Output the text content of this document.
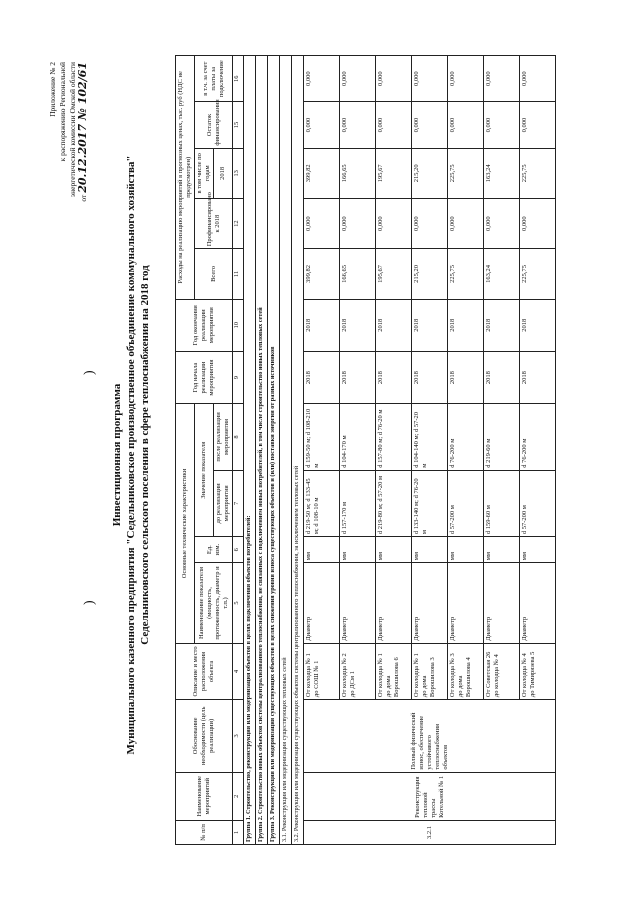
Приложение № 2 к распоряжению Региональной энергетической комиссии Омской области
от 20.12.2017 № 102/61
)
)
Инвестиционная программа Муниципального казенного предприятия "Седельниковское производственное объединение коммунального хозяйства" Седельниковского сельского поселения в сфере теплоснабжения на 2018 год
№ п/п	Наименование мероприятий	Обоснование необходимости (цель реализации)	Описание и место расположения объекта	Основные технические характеристики				Год начала реализации мероприятия	Год окончания реализации мероприятия	Расходы на реализацию мероприятий в прогнозных ценах, тыс. руб (НДС не предусмотрен)				
				Наименование показателя (мощность, протяженность, диаметр и т.п.)	Ед. изм.	Значение показателя				Всего	Профинансировано к 2018	в том числе по годам	Остаток финансирования	в т.ч. за счет платы за подключение
						до реализации мероприятия	после реализации мероприятия					2018		
1	2	3	4	5	6	7	8	9	10	11	12	13	15	16
Группа 1. Строительство, реконструкция или модернизация объектов в целях подключения объектов потребителей:														
Группа 2. Строительство новых объектов системы централизованного теплоснабжения, не связанных с подключением новых потребителей, в том числе строительство новых тепловых сетей														
Группа 3. Реконструкция или модернизация существующих объектов в целях снижения уровня износа существующих объектов и (или) поставки энергии от разных источников														
3.1. Реконструкция или модернизация существующих тепловых сетей														
3.2. Реконструкция или модернизация существующих объектов системы централизованного теплоснабжения, за исключением тепловых сетей														
3.2.1	Реконструкция тепловой трассы Котельной № 1	Полный физический износ, обеспечение устойчивого теплоснабжения объектов	От колодца № 1 до СОШ № 1	Диаметр	мм	d 219-50 м; d 133-45 м; d 108-10 м	d 159-50 м; d 108-210 м	2018	2018	399,82	0,000	399,82	0,000	0,000
			От колодца № 2 до ДСм 1	Диаметр	мм	d 157-170 м	d 104-170 м	2018	2018	166,65	0,000	166,65	0,000	0,000
			От колодца № 1 до дома Ворошилова 6	Диаметр	мм	d 219-80 м; d 57-20 м	d 157-80 м; d 76-20 м	2018	2018	195,67	0,000	195,67	0,000	0,000
			От колодца № 1 до дома Ворошилова 3	Диаметр	мм	d 133-140 м; d 76-20 м	d 104-140 м; d 57-20 м	2018	2018	215,20	0,000	215,20	0,000	0,000
			От колодца № 3 до дома Ворошилова 4	Диаметр	мм	d 57-200 м	d 76-200 м	2018	2018	225,75	0,000	225,75	0,000	0,000
			От Советская 26 до колодца № 4	Диаметр	мм	d 159-60 м	d 219-60 м	2018	2018	163,24	0,000	163,24	0,000	0,000
			От колодца № 4 до Тимирязева 5	Диаметр	мм	d 57-200 м	d 76-200 м	2018	2018	225,75	0,000	225,75	0,000	0,000
